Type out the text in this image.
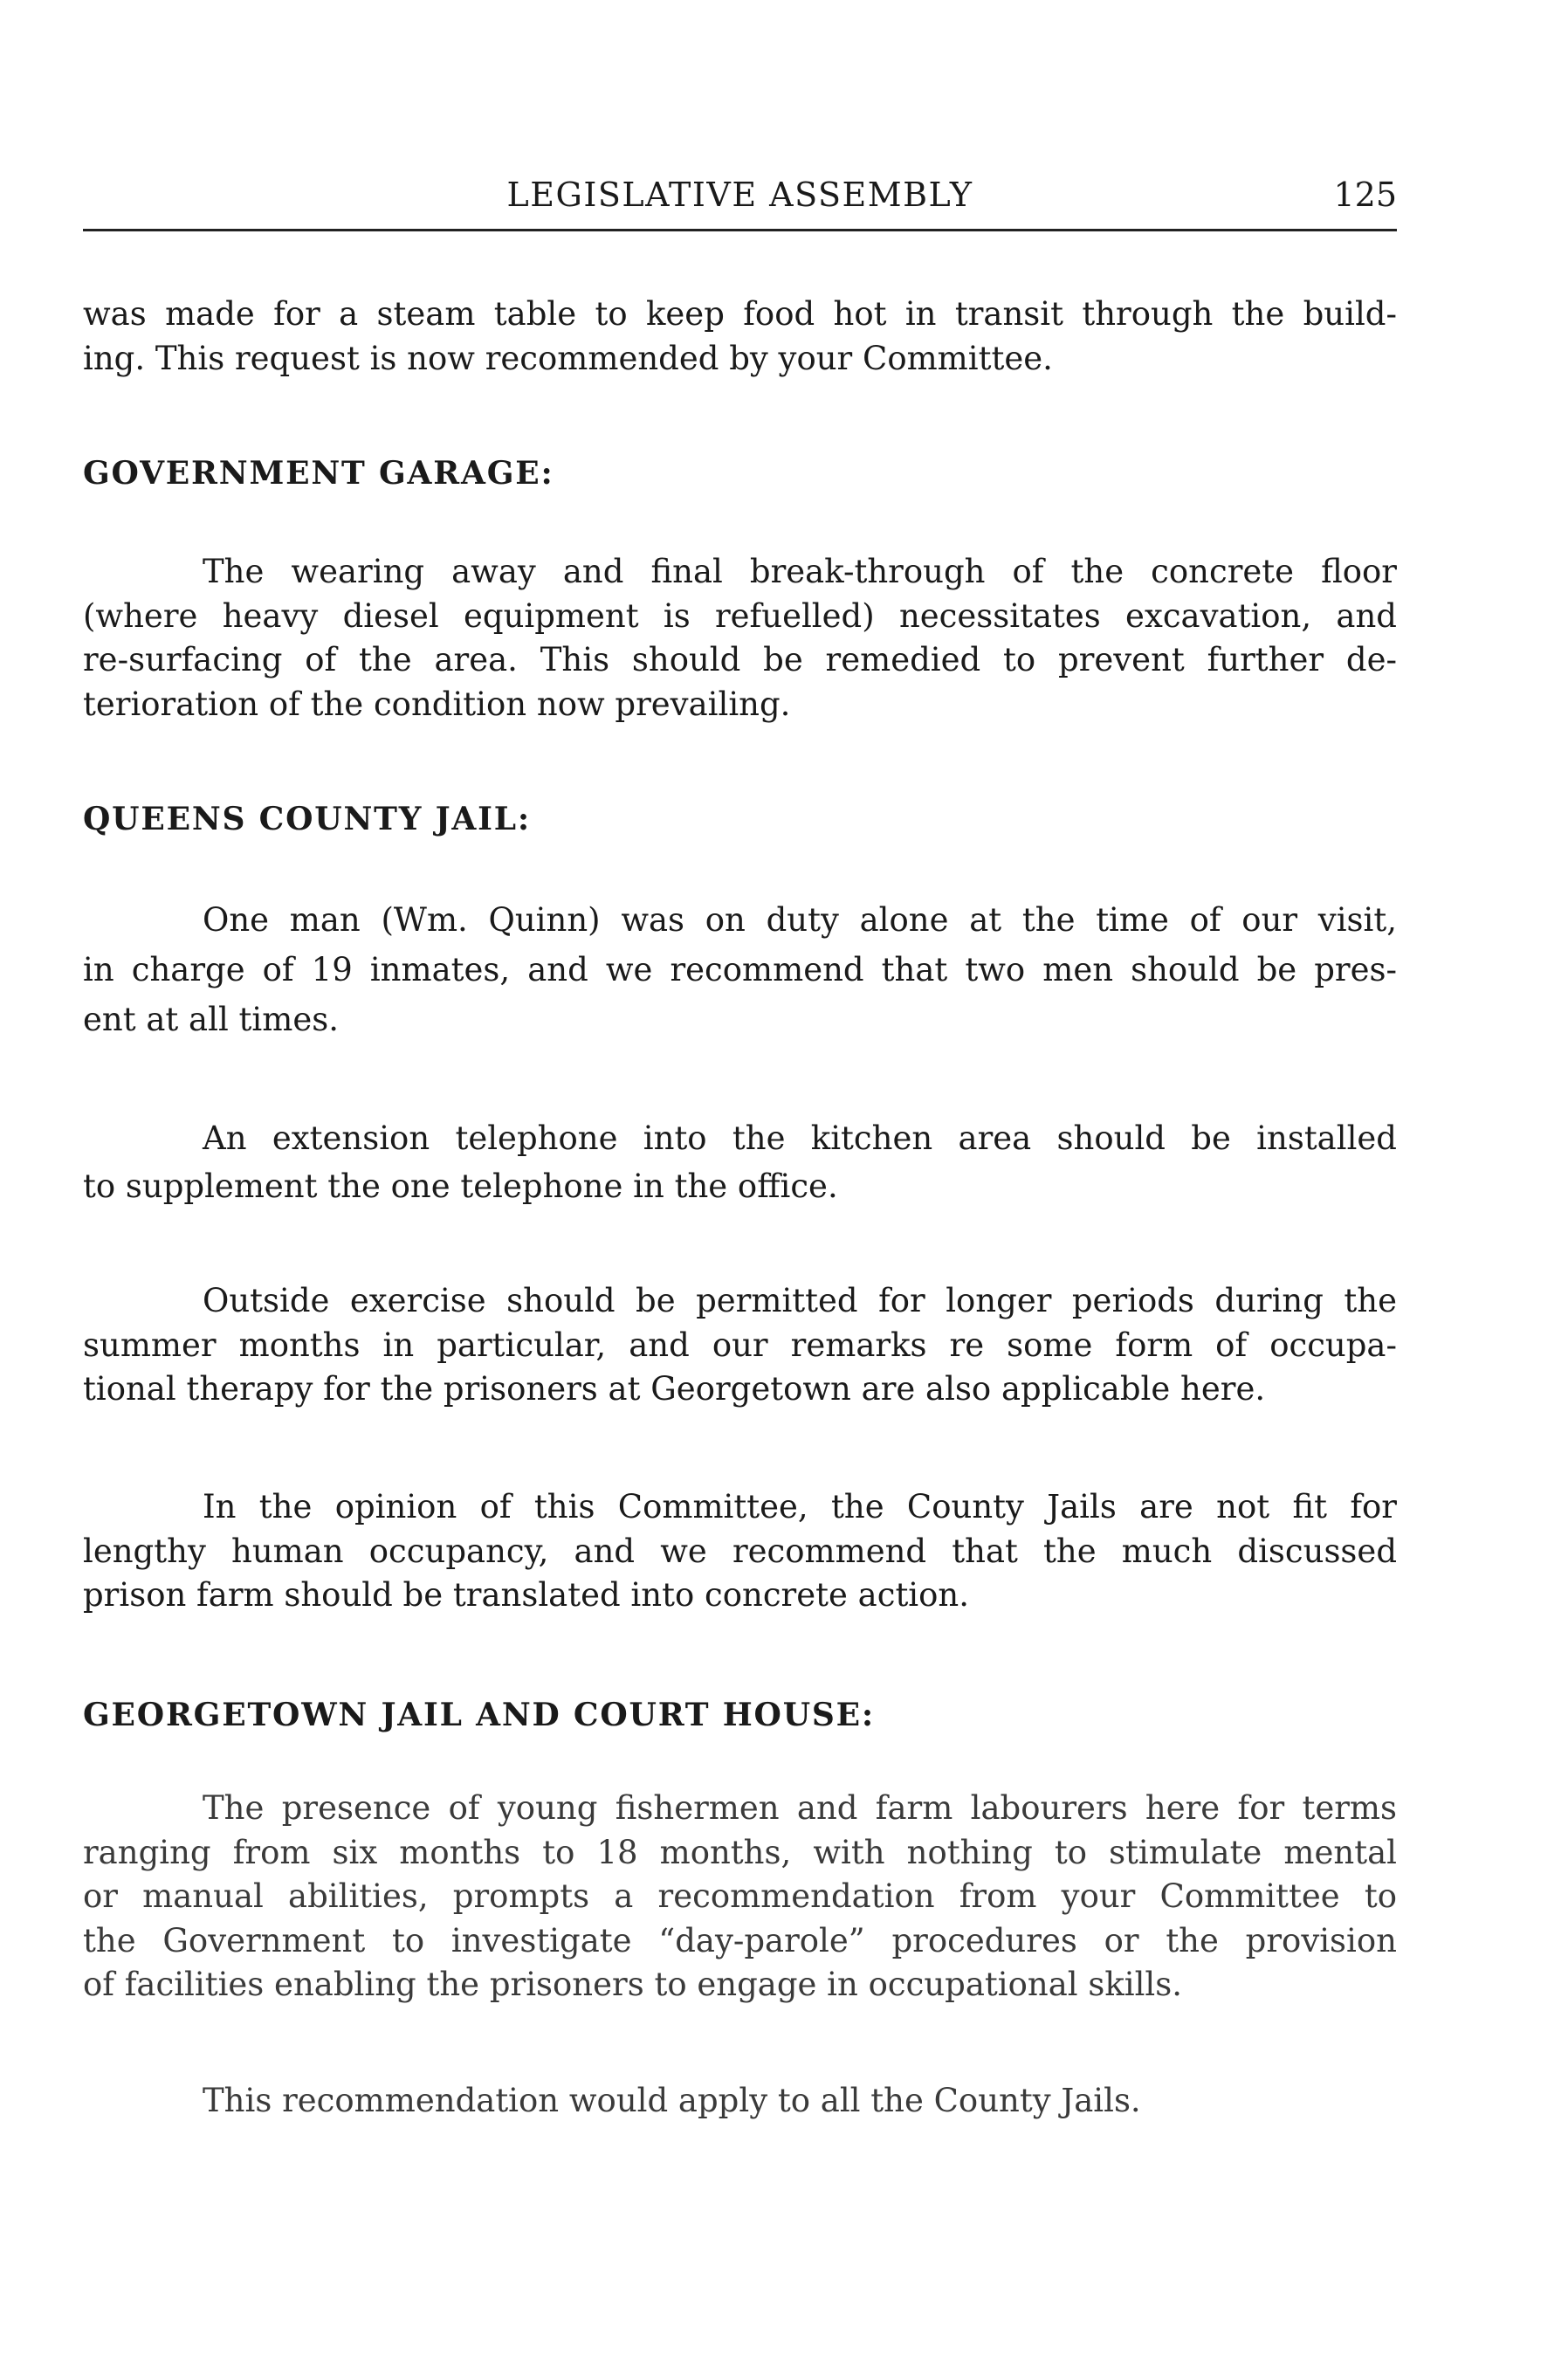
LEGISLATIVE ASSEMBLY	125
was made for a steam table to keep food hot in transit through the build-
ing. This request is now recommended by your Committee.
GOVERNMENT GARAGE:
The wearing away and final break-through of the concrete floor
(where heavy diesel equipment is refuelled) necessitates excavation, and
re-surfacing of the area. This should be remedied to prevent further de-
terioration of the condition now prevailing.
QUEENS COUNTY JAIL:
One man (Wm. Quinn) was on duty alone at the time of our visit,
in charge of 19 inmates, and we recommend that two men should be pres-
ent at all times.
An extension telephone into the kitchen area should be installed
to supplement the one telephone in the office.
Outside exercise should be permitted for longer periods during the
summer months in particular, and our remarks re some form of occupa-
tional therapy for the prisoners at Georgetown are also applicable here.
In the opinion of this Committee, the County Jails are not fit for
lengthy human occupancy, and we recommend that the much discussed
prison farm should be translated into concrete action.
GEORGETOWN JAIL AND COURT HOUSE:
The presence of young fishermen and farm labourers here for terms
ranging from six months to 18 months, with nothing to stimulate mental
or manual abilities, prompts a recommendation from your Committee to
the Government to investigate “day-parole” procedures or the provision
of facilities enabling the prisoners to engage in occupational skills.
This recommendation would apply to all the County Jails.
